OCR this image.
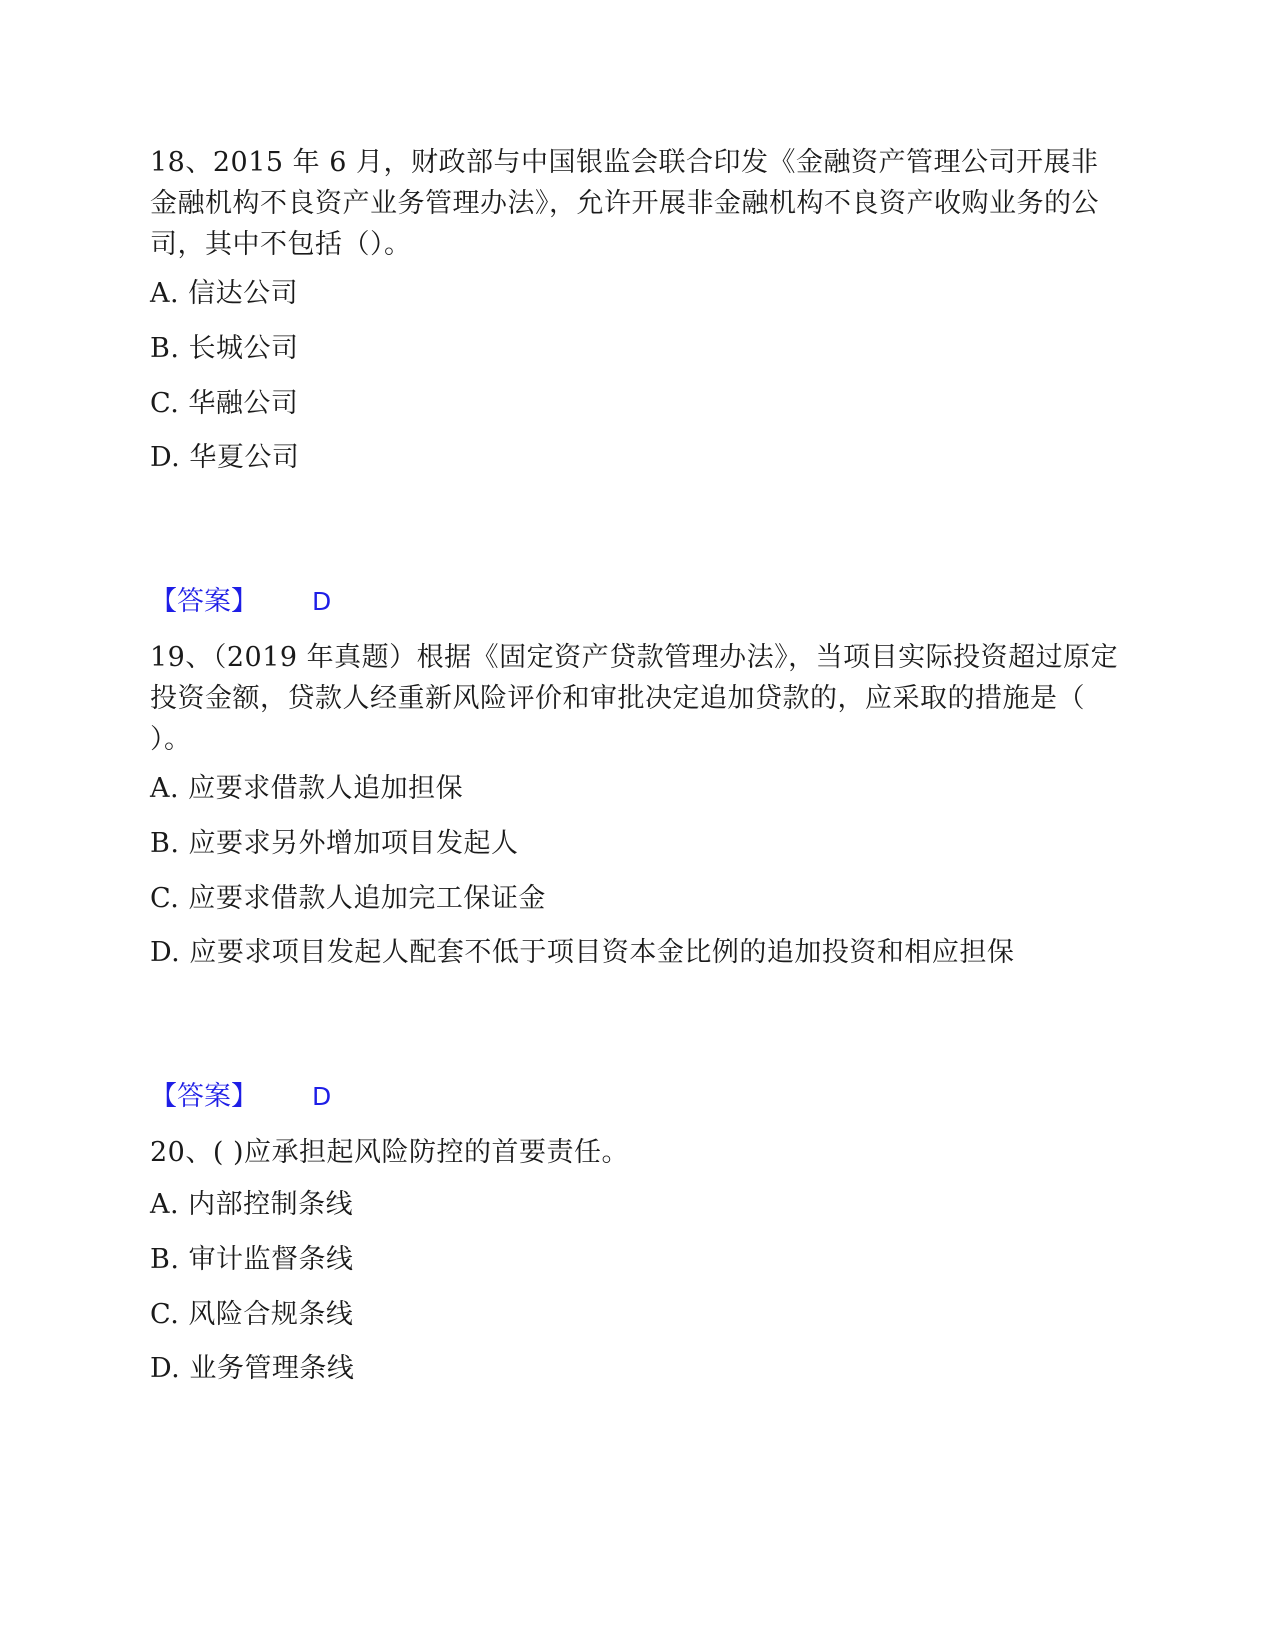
18、2015 年 6 月，财政部与中国银监会联合印发《金融资产管理公司开展非金融机构不良资产业务管理办法》，允许开展非金融机构不良资产收购业务的公司，其中不包括（）。

A. 信达公司

B. 长城公司

C. 华融公司

D. 华夏公司

【答案】 D

19、（2019 年真题）根据《固定资产贷款管理办法》，当项目实际投资超过原定投资金额，贷款人经重新风险评价和审批决定追加贷款的，应采取的措施是（ ）。

A. 应要求借款人追加担保

B. 应要求另外增加项目发起人

C. 应要求借款人追加完工保证金

D. 应要求项目发起人配套不低于项目资本金比例的追加投资和相应担保

【答案】 D

20、( )应承担起风险防控的首要责任。

A. 内部控制条线

B. 审计监督条线

C. 风险合规条线

D. 业务管理条线
